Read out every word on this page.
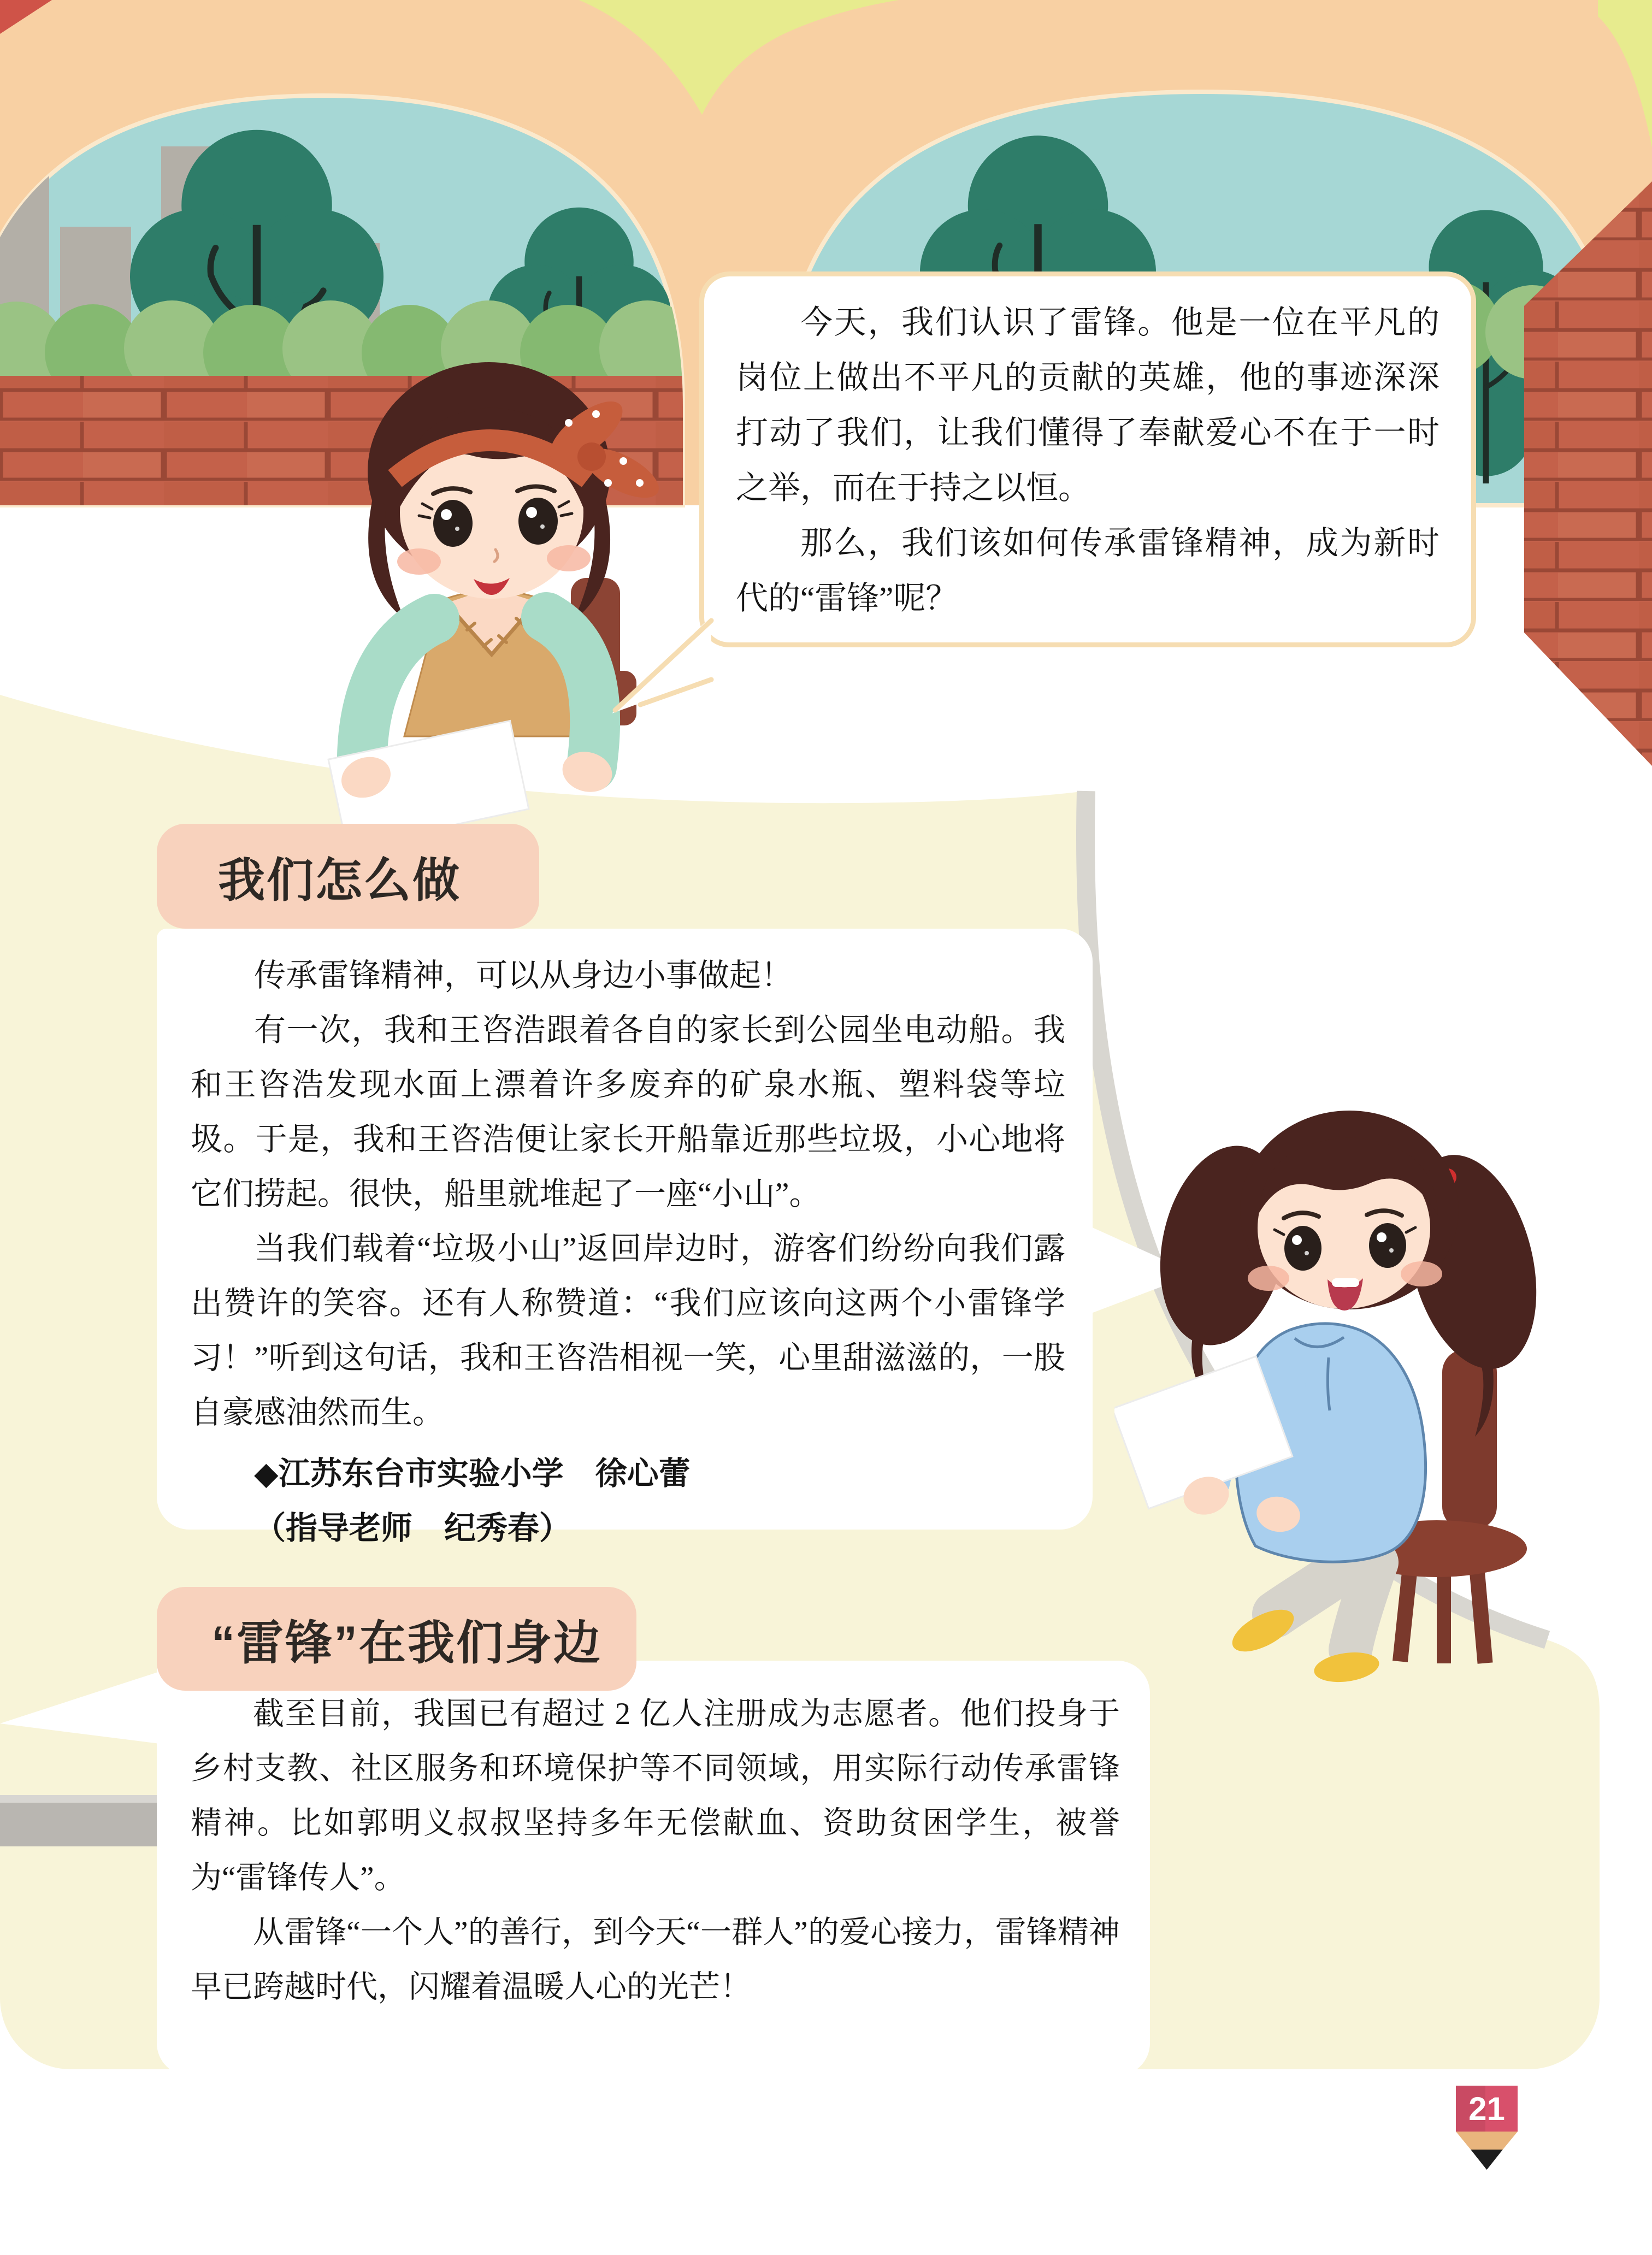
今天，我们认识了雷锋。他是一位在平凡的岗位上做出不平凡的贡献的英雄，他的事迹深深打动了我们，让我们懂得了奉献爱心不在于一时之举，而在于持之以恒。

那么，我们该如何传承雷锋精神，成为新时代的“雷锋”呢？

我们怎么做

传承雷锋精神，可以从身边小事做起！

有一次，我和王咨浩跟着各自的家长到公园坐电动船。我和王咨浩发现水面上漂着许多废弃的矿泉水瓶、塑料袋等垃圾。于是，我和王咨浩便让家长开船靠近那些垃圾，小心地将它们捞起。很快，船里就堆起了一座“小山”。

当我们载着“垃圾小山”返回岸边时，游客们纷纷向我们露出赞许的笑容。还有人称赞道：“我们应该向这两个小雷锋学习！”听到这句话，我和王咨浩相视一笑，心里甜滋滋的，一股自豪感油然而生。

◆江苏东台市实验小学　徐心蕾

（指导老师　纪秀春）

“雷锋”在我们身边

截至目前，我国已有超过 2 亿人注册成为志愿者。他们投身于乡村支教、社区服务和环境保护等不同领域，用实际行动传承雷锋精神。比如郭明义叔叔坚持多年无偿献血、资助贫困学生，被誉为“雷锋传人”。

从雷锋“一个人”的善行，到今天“一群人”的爱心接力，雷锋精神早已跨越时代，闪耀着温暖人心的光芒！

21
